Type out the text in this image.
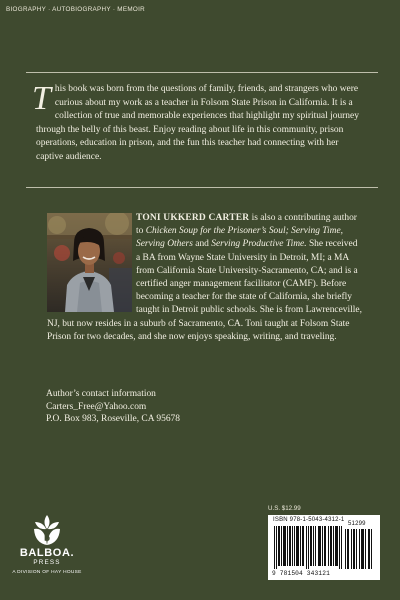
BIOGRAPHY · AUTOBIOGRAPHY · MEMOIR

This book was born from the questions of family, friends, and strangers who were curious about my work as a teacher in Folsom State Prison in California. It is a collection of true and memorable experiences that highlight my spiritual journey through the belly of this beast. Enjoy reading about life in this community, prison operations, education in prison, and the fun this teacher had connecting with her captive audience.

TONI UKKERD CARTER is also a contributing author to Chicken Soup for the Prisoner’s Soul; Serving Time, Serving Others and Serving Productive Time. She received a BA from Wayne State University in Detroit, MI; a MA from California State University-Sacramento, CA; and is a certified anger management facilitator (CAMF). Before becoming a teacher for the state of California, she briefly taught in Detroit public schools. She is from Lawrenceville, NJ, but now resides in a suburb of Sacramento, CA. Toni taught at Folsom State Prison for two decades, and she now enjoys speaking, writing, and traveling.

Author’s contact information
Carters_Free@Yahoo.com
P.O. Box 983, Roseville, CA 95678
b
BALBOA.
PRESS
A DIVISION OF HAY HOUSE
U.S. $12.99
ISBN 978-1-5043-4312-1
51299
9 781504 343121
